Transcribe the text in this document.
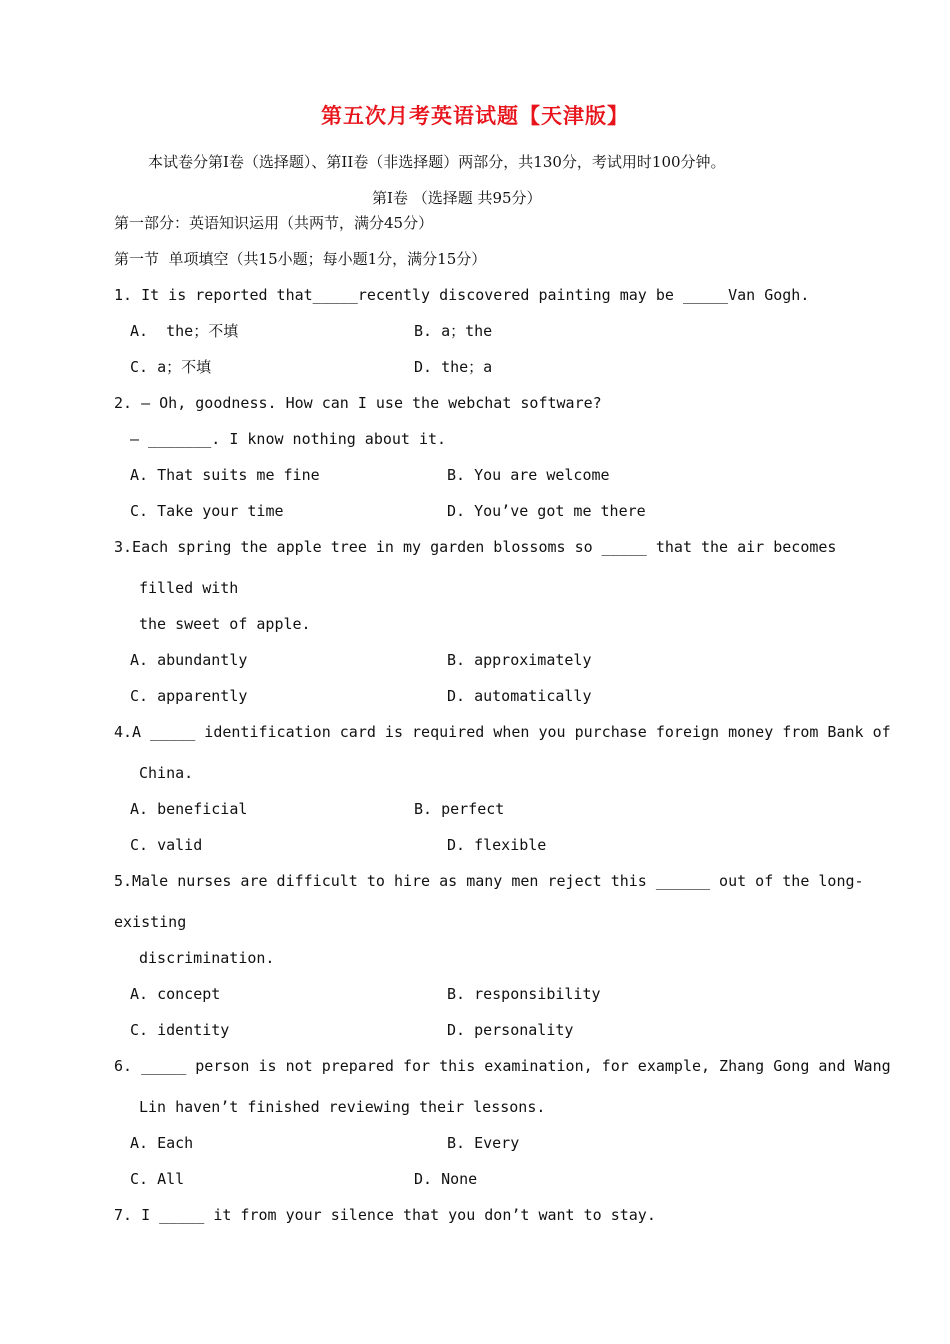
第五次月考英语试题【天津版】
本试卷分第Ⅰ卷（选择题）、第II卷（非选择题）两部分，共130分，考试用时100分钟。
第Ⅰ卷 （选择题 共95分）
第一部分：英语知识运用（共两节，满分45分）
第一节  单项填空（共15小题；每小题1分，满分15分）
1. It is reported that_____recently discovered painting may be _____Van Gogh.
A.  the；不填	B. a；the
C. a；不填	D. the；a
2. — Oh, goodness. How can I use the webchat software?
— _______. I know nothing about it.
A. That suits me fine	B. You are welcome
C. Take your time	D. You’ve got me there
3.Each spring the apple tree in my garden blossoms so _____ that the air becomes
filled with
the sweet of apple.
A. abundantly	B. approximately
C. apparently	D. automatically
4.A _____ identification card is required when you purchase foreign money from Bank of
China.
A. beneficial	B. perfect
C. valid	D. flexible
5.Male nurses are difficult to hire as many men reject this ______ out of the long-
existing
discrimination.
A. concept	B. responsibility
C. identity	D. personality
6. _____ person is not prepared for this examination, for example, Zhang Gong and Wang
Lin haven’t finished reviewing their lessons.
A. Each	B. Every
C. All	D. None
7. I _____ it from your silence that you don’t want to stay.
